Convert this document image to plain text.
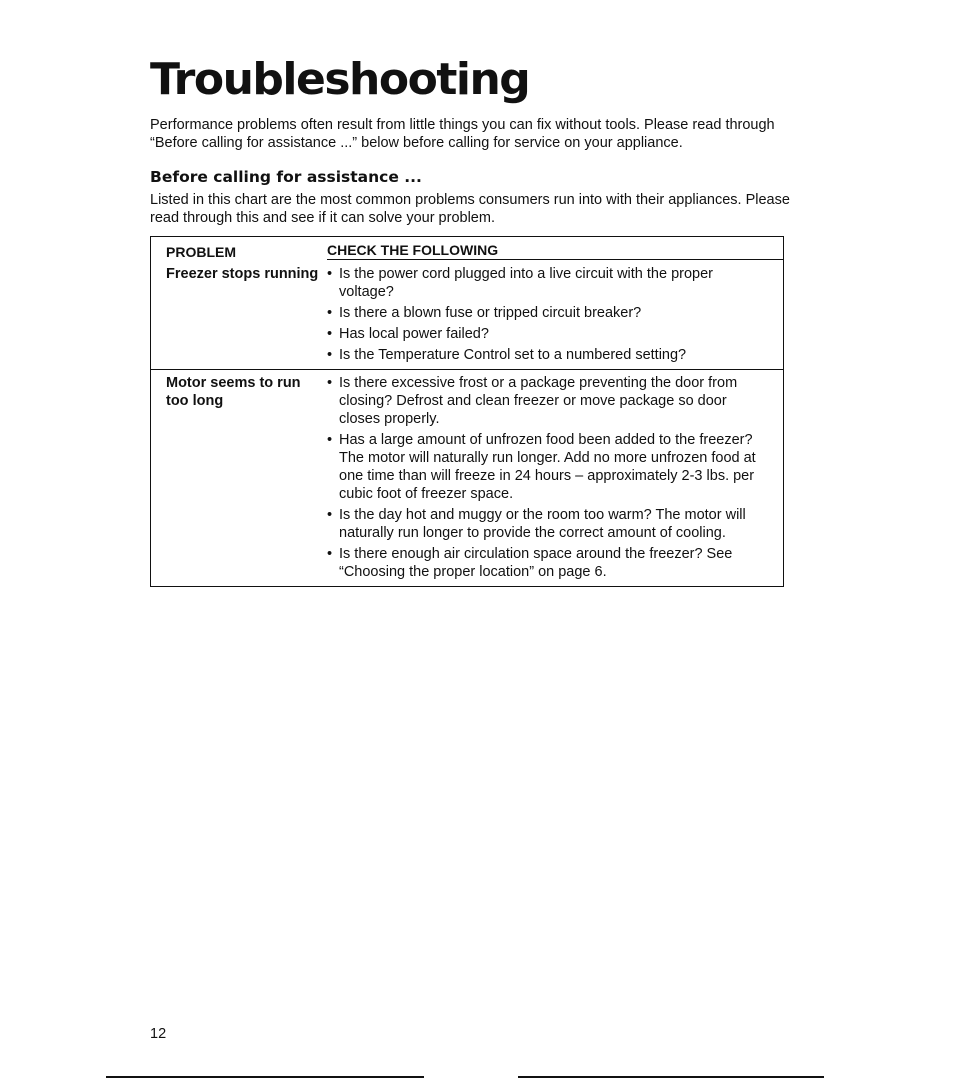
Troubleshooting

Performance problems often result from little things you can fix without tools. Please read through “Before calling for assistance ...” below before calling for service on your appliance.

Before calling for assistance ...

Listed in this chart are the most common problems consumers run into with their appliances. Please read through this and see if it can solve your problem.

PROBLEM	CHECK THE FOLLOWING
Freezer stops running • Is the power cord plugged into a live circuit with the proper voltage?
• Is there a blown fuse or tripped circuit breaker?
• Has local power failed?
• Is the Temperature Control set to a numbered setting?
Motor seems to run too long
• Is there excessive frost or a package preventing the door from closing? Defrost and clean freezer or move package so door closes properly.
• Has a large amount of unfrozen food been added to the freezer? The motor will naturally run longer. Add no more unfrozen food at one time than will freeze in 24 hours – approximately 2-3 lbs. per cubic foot of freezer space.
• Is the day hot and muggy or the room too warm? The motor will naturally run longer to provide the correct amount of cooling.
• Is there enough air circulation space around the freezer? See “Choosing the proper location” on page 6.
12
